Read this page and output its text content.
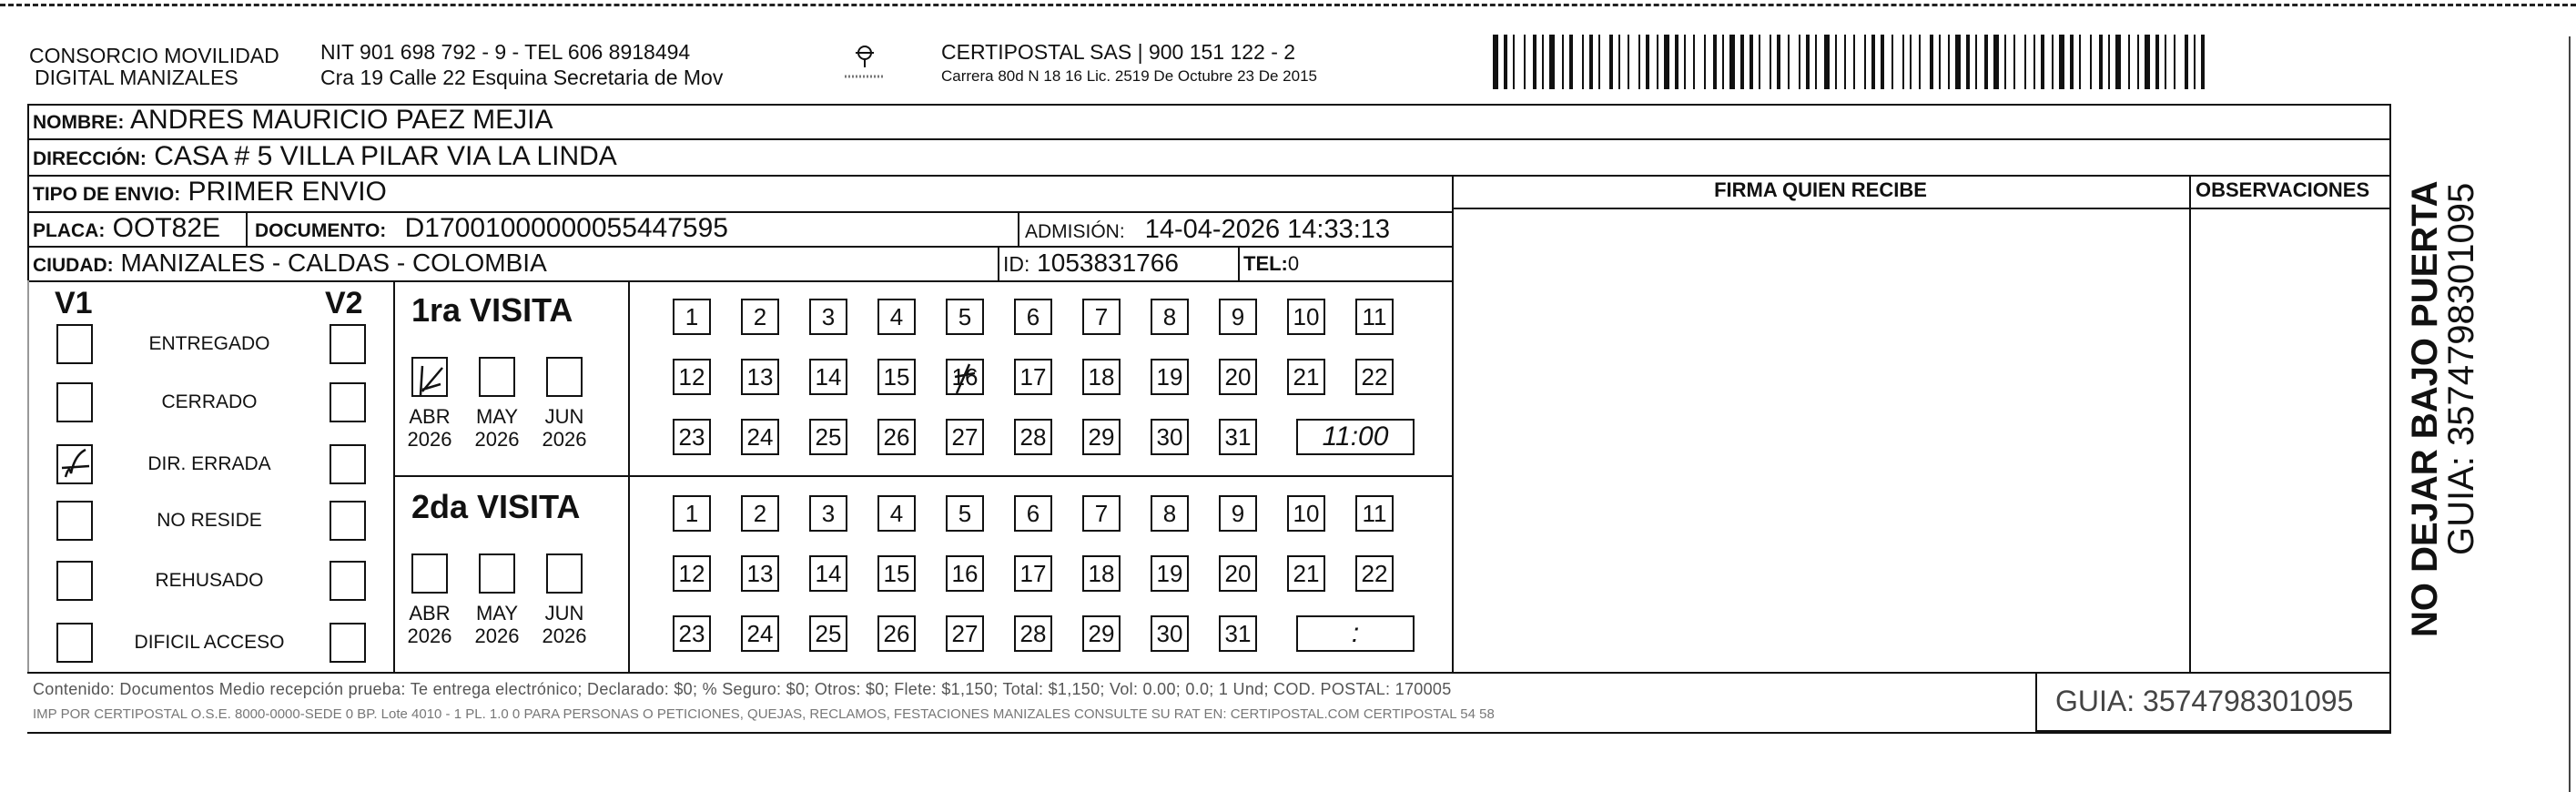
CONSORCIO MOVILIDAD
DIGITAL MANIZALES
NIT 901 698 792 - 9 - TEL 606 8918494
Cra 19 Calle 22 Esquina Secretaria de Mov
CERTIPOSTAL SAS | 900 151 122 - 2
Carrera 80d N 18 16 Lic. 2519 De Octubre 23 De 2015
NOMBRE: ANDRES MAURICIO PAEZ MEJIA
DIRECCIÓN: CASA # 5 VILLA PILAR VIA LA LINDA
TIPO DE ENVIO: PRIMER ENVIO
PLACA: OOT82E DOCUMENTO: D17001000000055447595	ADMISIÓN: 14-04-2026 14:33:13
CIUDAD: MANIZALES - CALDAS - COLOMBIA	ID: 1053831766	TEL:0
FIRMA QUIEN RECIBE	OBSERVACIONES
V1	V2
ENTREGADO
CERRADO
DIR. ERRADA
NO RESIDE
REHUSADO
DIFICIL ACCESO
1ra VISITA
ABR
2026
MAY
2026
JUN
2026
1	2	3	4	5	6	7	8	9	10 11
12 13 14 15 16 17 18 19 20 21 22
23 24 25 26 27 28 29 30 31	11:00
2da VISITA
ABR
2026
MAY
2026
JUN
2026
1	2	3	4	5	6	7	8	9	10 11
12 13 14 15 16 17 18 19 20 21 22
23 24 25 26 27 28 29 30 31	:
Contenido: Documentos Medio recepción prueba: Te entrega electrónico; Declarado: $0; % Seguro: $0; Otros: $0; Flete: $1,150; Total: $1,150; Vol: 0.00; 0.0; 1 Und; COD. POSTAL: 170005
IMP POR CERTIPOSTAL O.S.E. 8000-0000-SEDE 0 BP. Lote 4010 - 1 PL. 1.0 0 PARA PERSONAS O PETICIONES, QUEJAS, RECLAMOS, FESTACIONES MANIZALES CONSULTE SU RAT EN: CERTIPOSTAL.COM CERTIPOSTAL 54 58	GUIA: 3574798301095
NO DEJAR BAJO PUERTA
GUIA: 3574798301095
